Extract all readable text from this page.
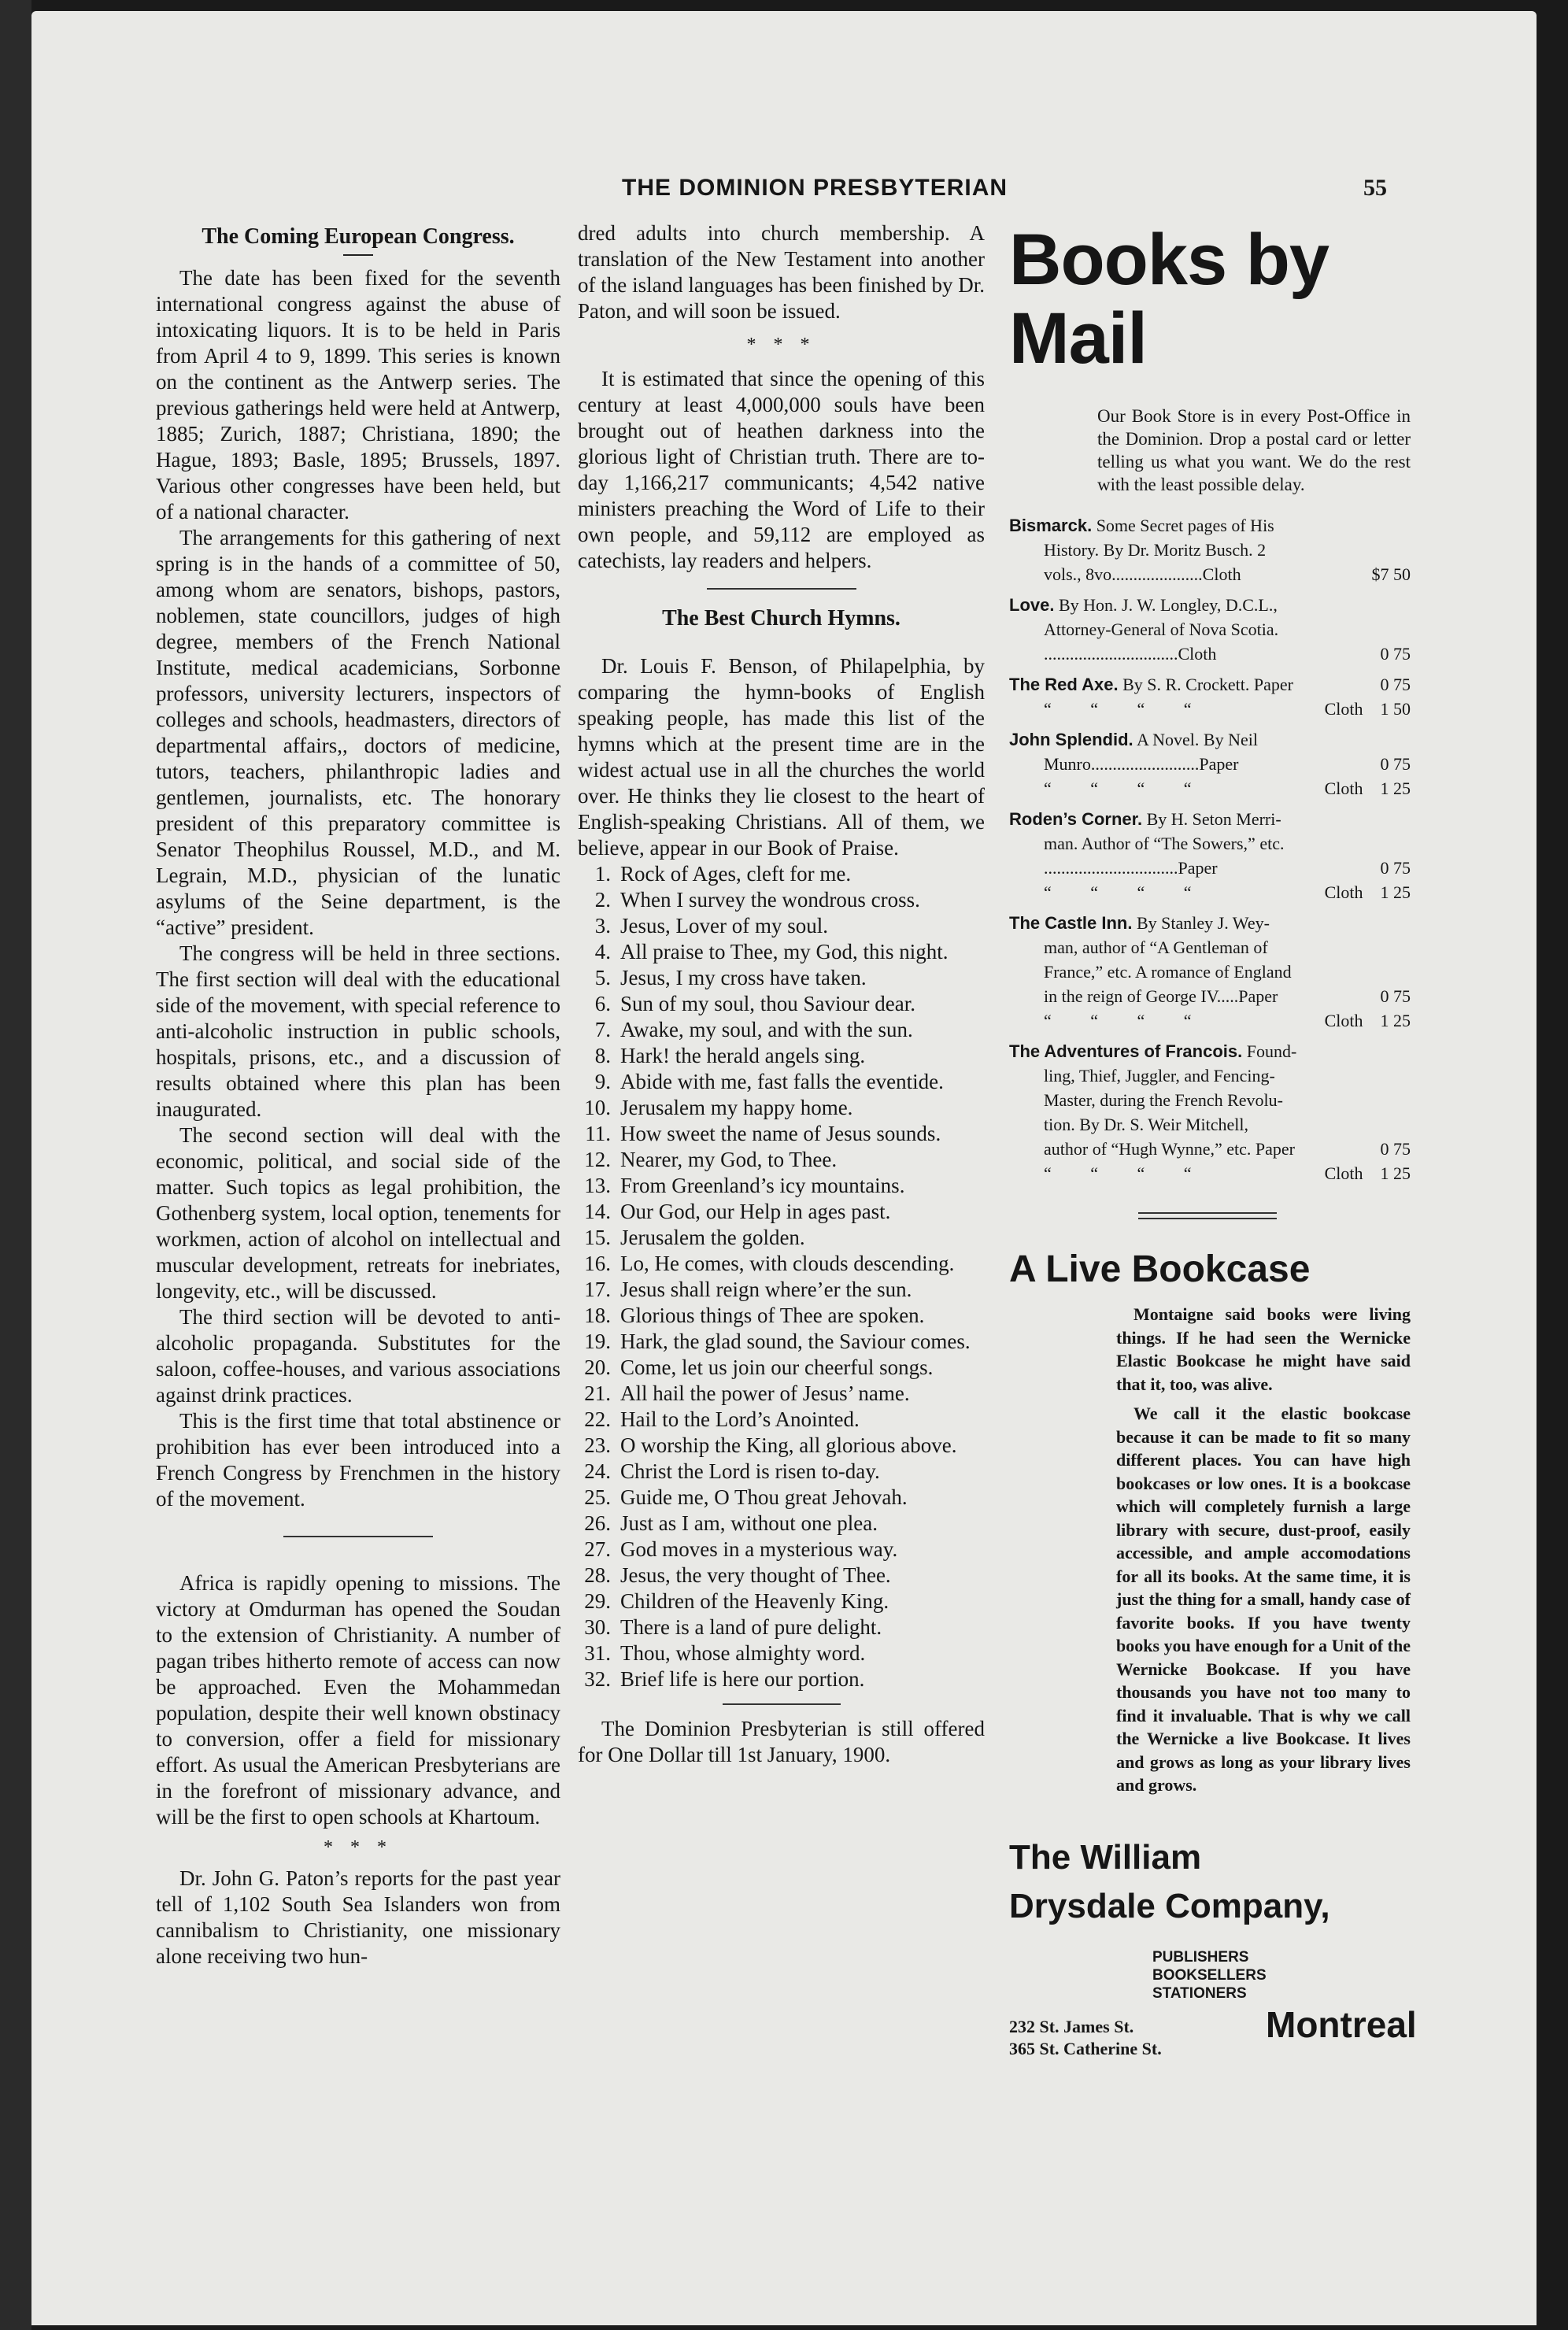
THE DOMINION PRESBYTERIAN	55
The Coming European Congress.

The date has been fixed for the seventh international congress against the abuse of intoxicating liquors. It is to be held in Paris from April 4 to 9, 1899. This series is known on the continent as the Antwerp series. The previous gatherings held were held at Antwerp, 1885; Zurich, 1887; Christiana, 1890; the Hague, 1893; Basle, 1895; Brussels, 1897. Various other congresses have been held, but of a national character.

The arrangements for this gathering of next spring is in the hands of a committee of 50, among whom are senators, bishops, pastors, noblemen, state councillors, judges of high degree, members of the French National Institute, medical academicians, Sorbonne professors, university lecturers, inspectors of colleges and schools, headmasters, directors of departmental affairs,, doctors of medicine, tutors, teachers, philanthropic ladies and gentlemen, journalists, etc. The honorary president of this preparatory committee is Senator Theophilus Roussel, M.D., and M. Legrain, M.D., physician of the lunatic asylums of the Seine department, is the “active” president.

The congress will be held in three sections. The first section will deal with the educational side of the movement, with special reference to anti-alcoholic instruction in public schools, hospitals, prisons, etc., and a discussion of results obtained where this plan has been inaugurated.

The second section will deal with the economic, political, and social side of the matter. Such topics as legal prohibition, the Gothenberg system, local option, tenements for workmen, action of alcohol on intellectual and muscular development, retreats for inebriates, longevity, etc., will be discussed.

The third section will be devoted to anti-alcoholic propaganda. Substitutes for the saloon, coffee-houses, and various associations against drink practices.

This is the first time that total abstinence or prohibition has ever been introduced into a French Congress by Frenchmen in the history of the movement.

Africa is rapidly opening to missions. The victory at Omdurman has opened the Soudan to the extension of Christianity. A number of pagan tribes hitherto remote of access can now be approached. Even the Mohammedan population, despite their well known obstinacy to conversion, offer a field for missionary effort. As usual the American Presbyterians are in the forefront of missionary advance, and will be the first to open schools at Khartoum.

* * *

Dr. John G. Paton’s reports for the past year tell of 1,102 South Sea Islanders won from cannibalism to Christianity, one missionary alone receiving two hun-

dred adults into church membership. A translation of the New Testament into another of the island languages has been finished by Dr. Paton, and will soon be issued.

* * *

It is estimated that since the opening of this century at least 4,000,000 souls have been brought out of heathen darkness into the glorious light of Christian truth. There are to-day 1,166,217 communicants; 4,542 native ministers preaching the Word of Life to their own people, and 59,112 are employed as catechists, lay readers and helpers.

The Best Church Hymns.

Dr. Louis F. Benson, of Philapelphia, by comparing the hymn-books of English speaking people, has made this list of the hymns which at the present time are in the widest actual use in all the churches the world over. He thinks they lie closest to the heart of English-speaking Christians. All of them, we believe, appear in our Book of Praise.

1. Rock of Ages, cleft for me.
2. When I survey the wondrous cross.
3. Jesus, Lover of my soul.
4. All praise to Thee, my God, this night.
5. Jesus, I my cross have taken.
6. Sun of my soul, thou Saviour dear.
7. Awake, my soul, and with the sun.
8. Hark! the herald angels sing.
9. Abide with me, fast falls the eventide.
10. Jerusalem my happy home.
11. How sweet the name of Jesus sounds.
12. Nearer, my God, to Thee.
13. From Greenland’s icy mountains.
14. Our God, our Help in ages past.
15. Jerusalem the golden.
16. Lo, He comes, with clouds descending.
17. Jesus shall reign where’er the sun.
18. Glorious things of Thee are spoken.
19. Hark, the glad sound, the Saviour comes.
20. Come, let us join our cheerful songs.
21. All hail the power of Jesus’ name.
22. Hail to the Lord’s Anointed.
23. O worship the King, all glorious above.
24. Christ the Lord is risen to-day.
25. Guide me, O Thou great Jehovah.
26. Just as I am, without one plea.
27. God moves in a mysterious way.
28. Jesus, the very thought of Thee.
29. Children of the Heavenly King.
30. There is a land of pure delight.
31. Thou, whose almighty word.
32. Brief life is here our portion.

The Dominion Presbyterian is still offered for One Dollar till 1st January, 1900.

Books by
Mail

Our Book Store is in every Post-Office in the Dominion. Drop a postal card or letter telling us what you want. We do the rest with the least possible delay.

Bismarck. Some Secret pages of His
History. By Dr. Moritz Busch. 2
vols., 8vo.....................Cloth	$7 50
Love. By Hon. J. W. Longley, D.C.L.,
Attorney-General of Nova Scotia.
...............................Cloth	0 75
The Red Axe. By S. R. Crockett. Paper	0 75
“ “ “ “	Cloth 1 50
John Splendid. A Novel. By Neil
Munro.........................Paper	0 75
“ “ “ “	Cloth 1 25
Roden’s Corner. By H. Seton Merri-
man. Author of “The Sowers,” etc.
...............................Paper	0 75
“ “ “ “	Cloth 1 25
The Castle Inn. By Stanley J. Wey-
man, author of “A Gentleman of
France,” etc. A romance of England
in the reign of George IV.....Paper	0 75
“ “ “ “	Cloth 1 25
The Adventures of Francois. Found-
ling, Thief, Juggler, and Fencing-
Master, during the French Revolu-
tion. By Dr. S. Weir Mitchell,
author of “Hugh Wynne,” etc. Paper	0 75
“ “ “ “	Cloth 1 25
A Live Bookcase

Montaigne said books were living things. If he had seen the Wernicke Elastic Bookcase he might have said that it, too, was alive.

We call it the elastic bookcase because it can be made to fit so many different places. You can have high bookcases or low ones. It is a bookcase which will completely furnish a large library with secure, dust-proof, easily accessible, and ample accomodations for all its books. At the same time, it is just the thing for a small, handy case of favorite books. If you have twenty books you have enough for a Unit of the Wernicke Bookcase. If you have thousands you have not too many to find it invaluable. That is why we call the Wernicke a live Bookcase. It lives and grows as long as your library lives and grows.

The William
Drysdale Company,
PUBLISHERS
BOOKSELLERS
STATIONERS
232 St. James St.
365 St. Catherine St.
Montreal
